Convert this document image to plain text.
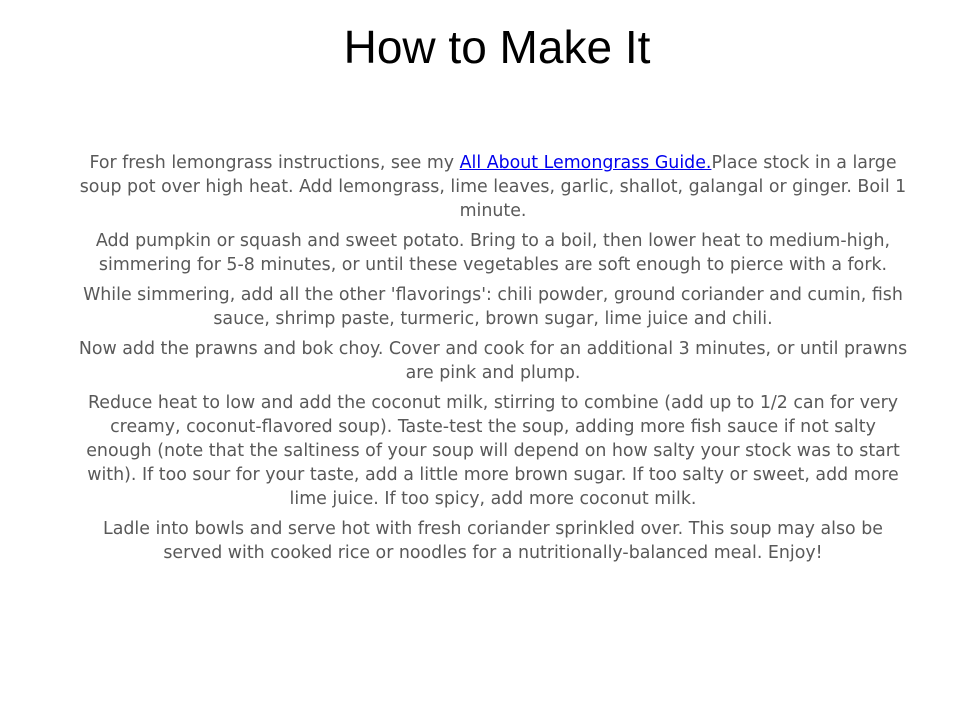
How to Make It

For fresh lemongrass instructions, see my All About Lemongrass Guide.Place stock in a large soup pot over high heat. Add lemongrass, lime leaves, garlic, shallot, galangal or ginger. Boil 1 minute.

Add pumpkin or squash and sweet potato. Bring to a boil, then lower heat to medium-high, simmering for 5-8 minutes, or until these vegetables are soft enough to pierce with a fork.

While simmering, add all the other 'flavorings': chili powder, ground coriander and cumin, fish sauce, shrimp paste, turmeric, brown sugar, lime juice and chili.

Now add the prawns and bok choy. Cover and cook for an additional 3 minutes, or until prawns are pink and plump.

Reduce heat to low and add the coconut milk, stirring to combine (add up to 1/2 can for very creamy, coconut-flavored soup). Taste-test the soup, adding more fish sauce if not salty enough (note that the saltiness of your soup will depend on how salty your stock was to start with). If too sour for your taste, add a little more brown sugar. If too salty or sweet, add more lime juice. If too spicy, add more coconut milk.

Ladle into bowls and serve hot with fresh coriander sprinkled over. This soup may also be served with cooked rice or noodles for a nutritionally-balanced meal. Enjoy!
